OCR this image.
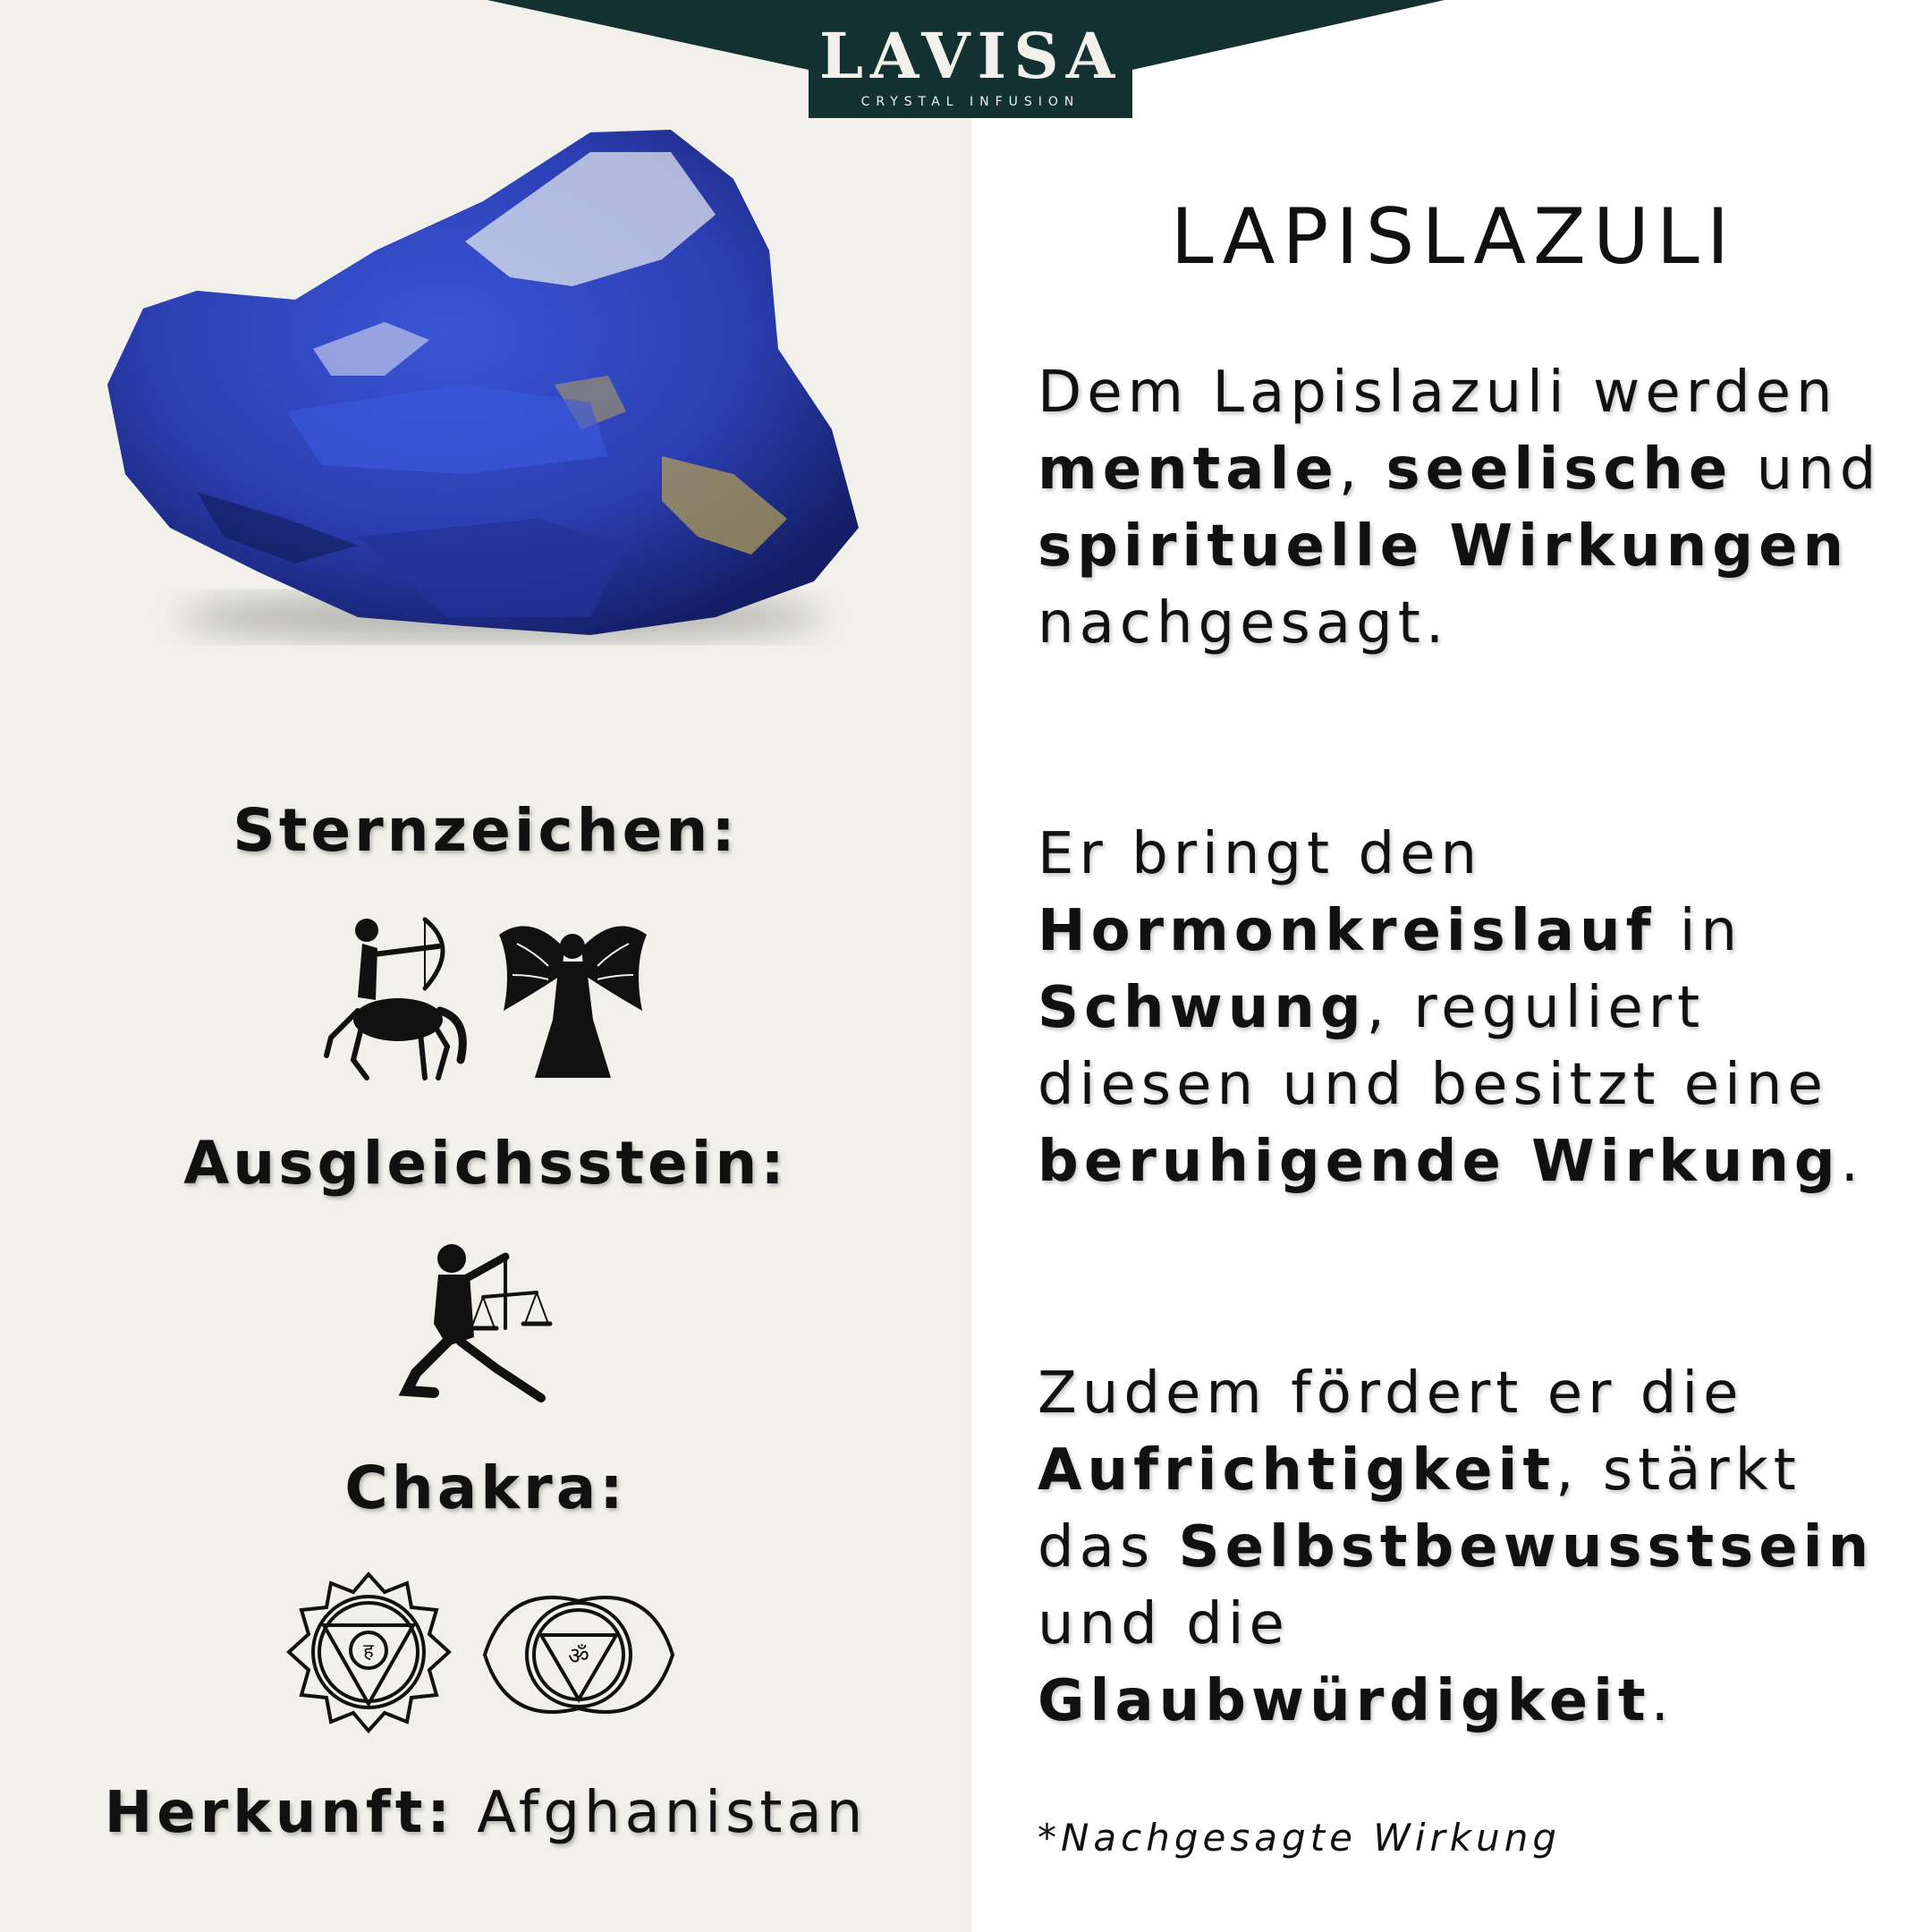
LAVISA
CRYSTAL INFUSION
Sternzeichen:
Ausgleichsstein:
Chakra:
ह	ॐ
Herkunft: Afghanistan
LAPISLAZULI
Dem Lapislazuli werden mentale, seelische und spirituelle Wirkungen nachgesagt.
Er bringt den Hormonkreislauf in Schwung, reguliert diesen und besitzt eine beruhigende Wirkung.
Zudem fördert er die Aufrichtigkeit, stärkt das Selbstbewusstsein und die Glaubwürdigkeit.
*Nachgesagte Wirkung
